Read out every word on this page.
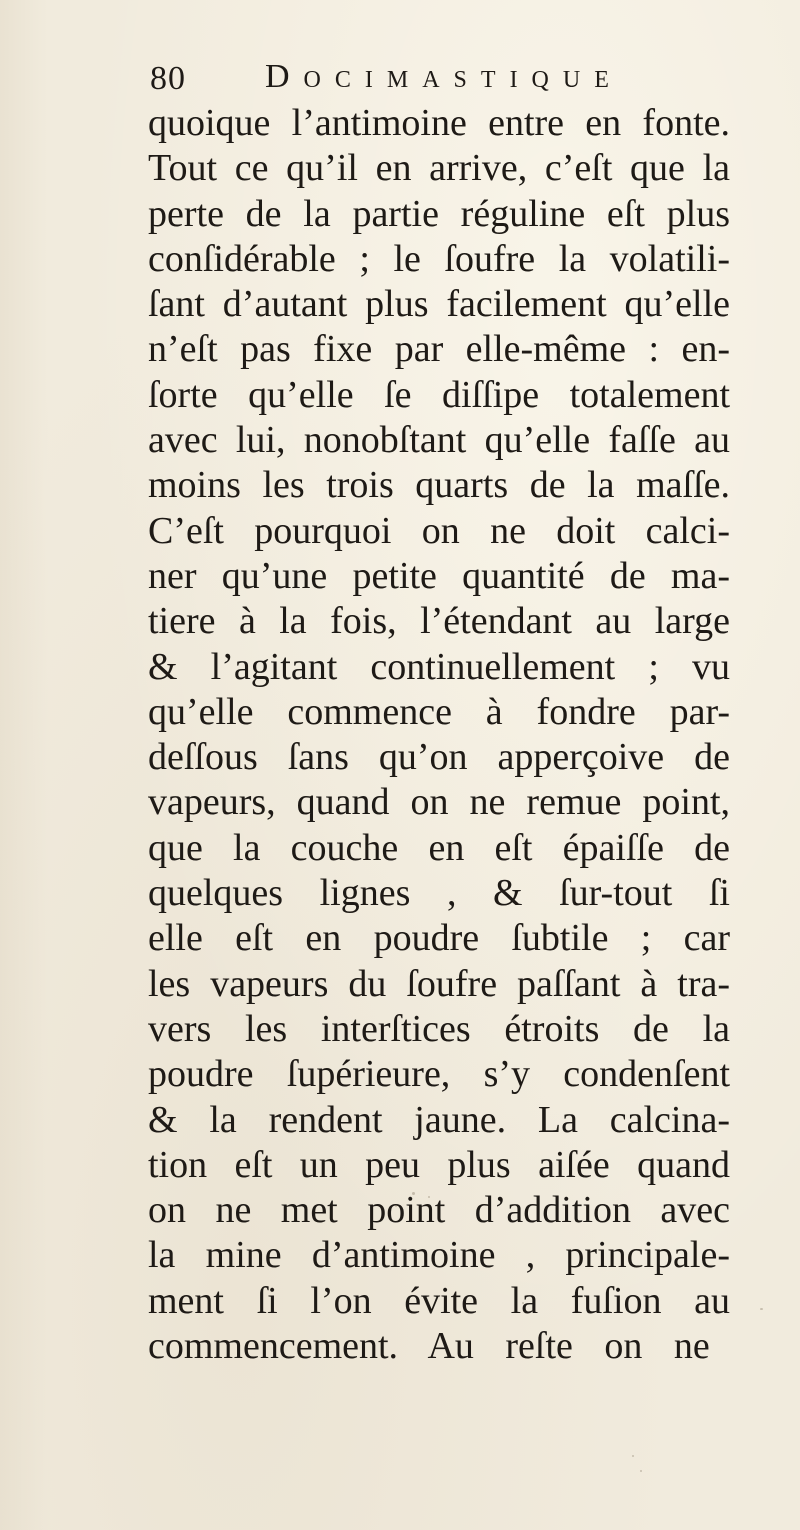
80 Docimastique
quoique l’antimoine entre en fonte.
Tout ce qu’il en arrive, c’eſt que la
perte de la partie réguline eſt plus
conſidérable ; le ſoufre la volatili-
ſant d’autant plus facilement qu’elle
n’eſt pas fixe par elle-même : en-
ſorte qu’elle ſe diſſipe totalement
avec lui, nonobſtant qu’elle faſſe au
moins les trois quarts de la maſſe.
C’eſt pourquoi on ne doit calci-
ner qu’une petite quantité de ma-
tiere à la fois, l’étendant au large
& l’agitant continuellement ; vu
qu’elle commence à fondre par-
deſſous ſans qu’on apperçoive de
vapeurs, quand on ne remue point,
que la couche en eſt épaiſſe de
quelques lignes , & ſur-tout ſi
elle eſt en poudre ſubtile ; car
les vapeurs du ſoufre paſſant à tra-
vers les interſtices étroits de la
poudre ſupérieure, s’y condenſent
& la rendent jaune. La calcina-
tion eſt un peu plus aiſée quand
on ne met point d’addition avec
la mine d’antimoine , principale-
ment ſi l’on évite la fuſion au
commencement. Au reſte on ne
